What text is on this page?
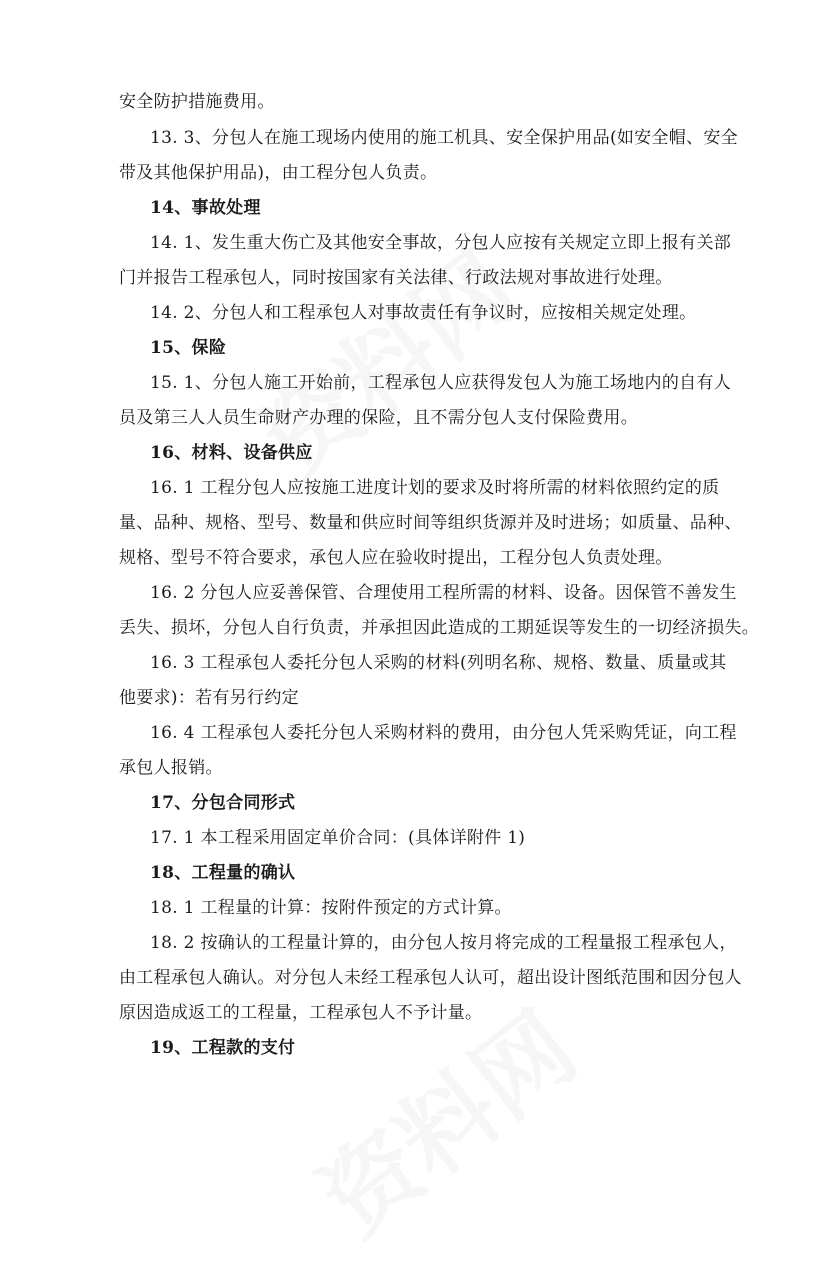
安全防护措施费用。
13. 3、分包人在施工现场内使用的施工机具、安全保护用品(如安全帽、安全
带及其他保护用品)，由工程分包人负责。
14、事故处理
14. 1、发生重大伤亡及其他安全事故，分包人应按有关规定立即上报有关部
门并报告工程承包人，同时按国家有关法律、行政法规对事故进行处理。
14. 2、分包人和工程承包人对事故责任有争议时，应按相关规定处理。
15、保险
15. 1、分包人施工开始前，工程承包人应获得发包人为施工场地内的自有人
员及第三人人员生命财产办理的保险，且不需分包人支付保险费用。
16、材料、设备供应
16. 1 工程分包人应按施工进度计划的要求及时将所需的材料依照约定的质
量、品种、规格、型号、数量和供应时间等组织货源并及时进场；如质量、品种、
规格、型号不符合要求，承包人应在验收时提出，工程分包人负责处理。
16. 2 分包人应妥善保管、合理使用工程所需的材料、设备。因保管不善发生
丢失、损坏，分包人自行负责，并承担因此造成的工期延误等发生的一切经济损失。
16. 3 工程承包人委托分包人采购的材料(列明名称、规格、数量、质量或其
他要求)：若有另行约定
16. 4 工程承包人委托分包人采购材料的费用，由分包人凭采购凭证，向工程
承包人报销。
17、分包合同形式
17. 1 本工程采用固定单价合同：(具体详附件 1)
18、工程量的确认
18. 1 工程量的计算：按附件预定的方式计算。
18. 2 按确认的工程量计算的，由分包人按月将完成的工程量报工程承包人，
由工程承包人确认。对分包人未经工程承包人认可，超出设计图纸范围和因分包人
原因造成返工的工程量，工程承包人不予计量。
19、工程款的支付
